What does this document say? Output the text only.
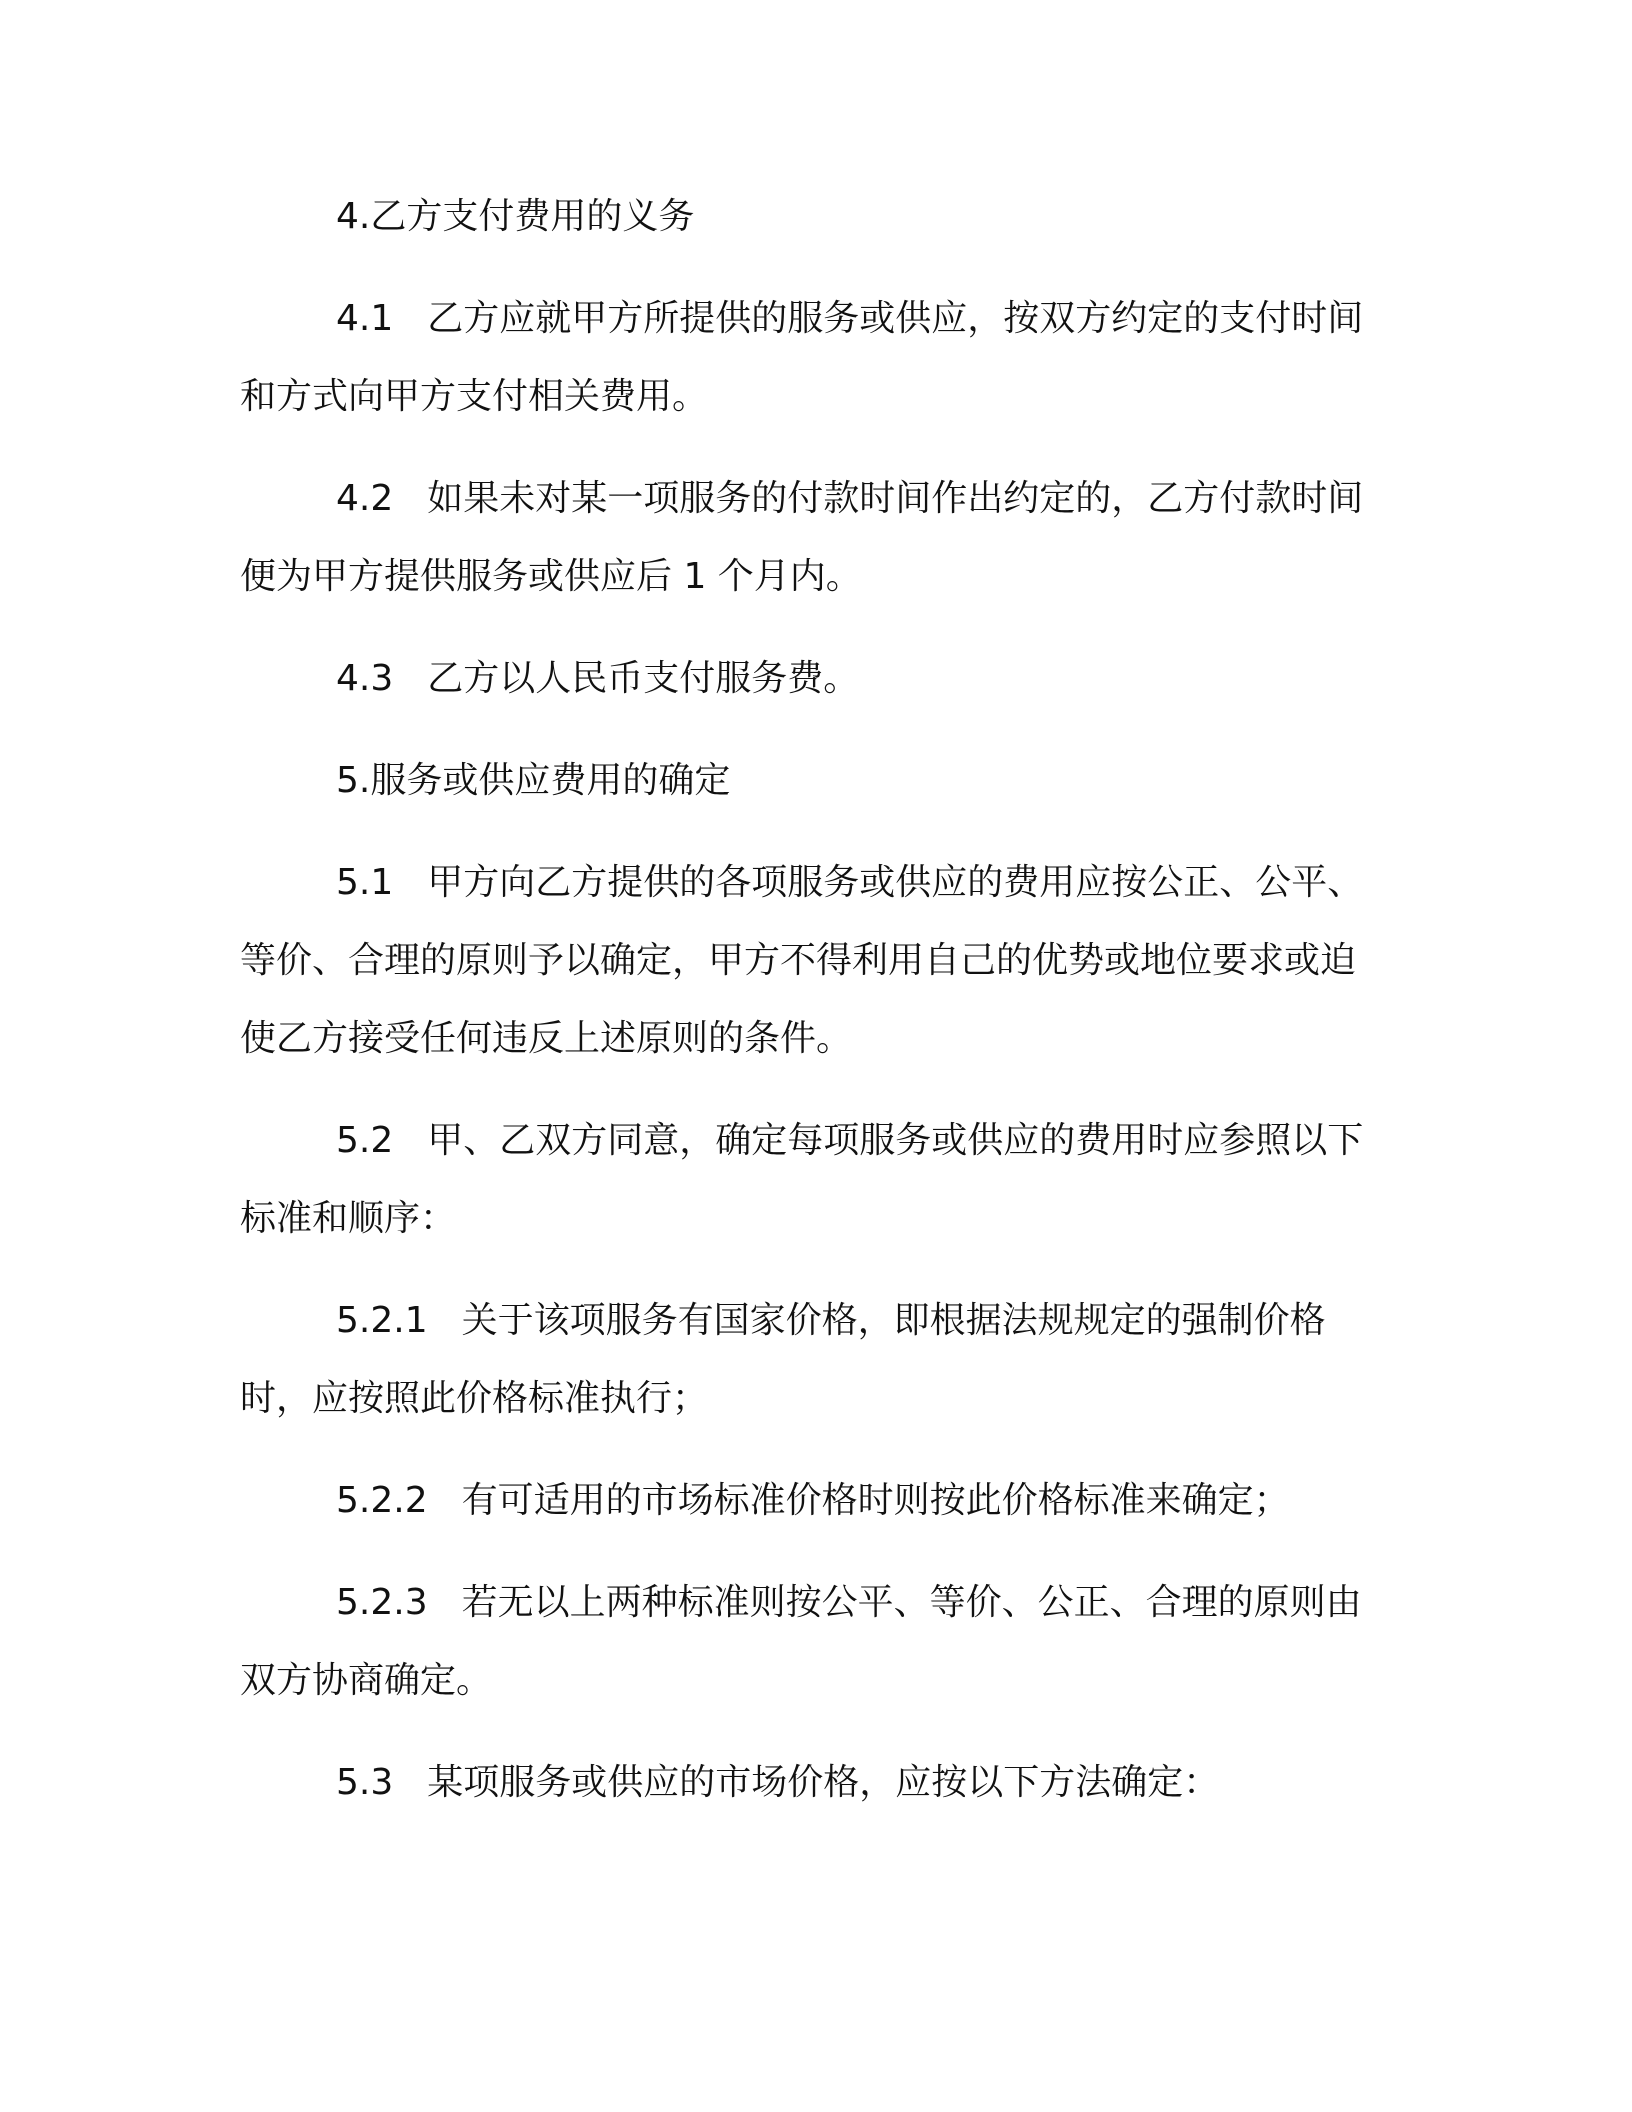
4.乙方支付费用的义务

4.1 乙方应就甲方所提供的服务或供应，按双方约定的支付时间和方式向甲方支付相关费用。

4.2 如果未对某一项服务的付款时间作出约定的，乙方付款时间便为甲方提供服务或供应后 1 个月内。

4.3 乙方以人民币支付服务费。

5.服务或供应费用的确定

5.1 甲方向乙方提供的各项服务或供应的费用应按公正、公平、等价、合理的原则予以确定，甲方不得利用自己的优势或地位要求或迫使乙方接受任何违反上述原则的条件。

5.2 甲、乙双方同意，确定每项服务或供应的费用时应参照以下标准和顺序：

5.2.1 关于该项服务有国家价格，即根据法规规定的强制价格时，应按照此价格标准执行；

5.2.2 有可适用的市场标准价格时则按此价格标准来确定；

5.2.3 若无以上两种标准则按公平、等价、公正、合理的原则由双方协商确定。

5.3 某项服务或供应的市场价格，应按以下方法确定：
